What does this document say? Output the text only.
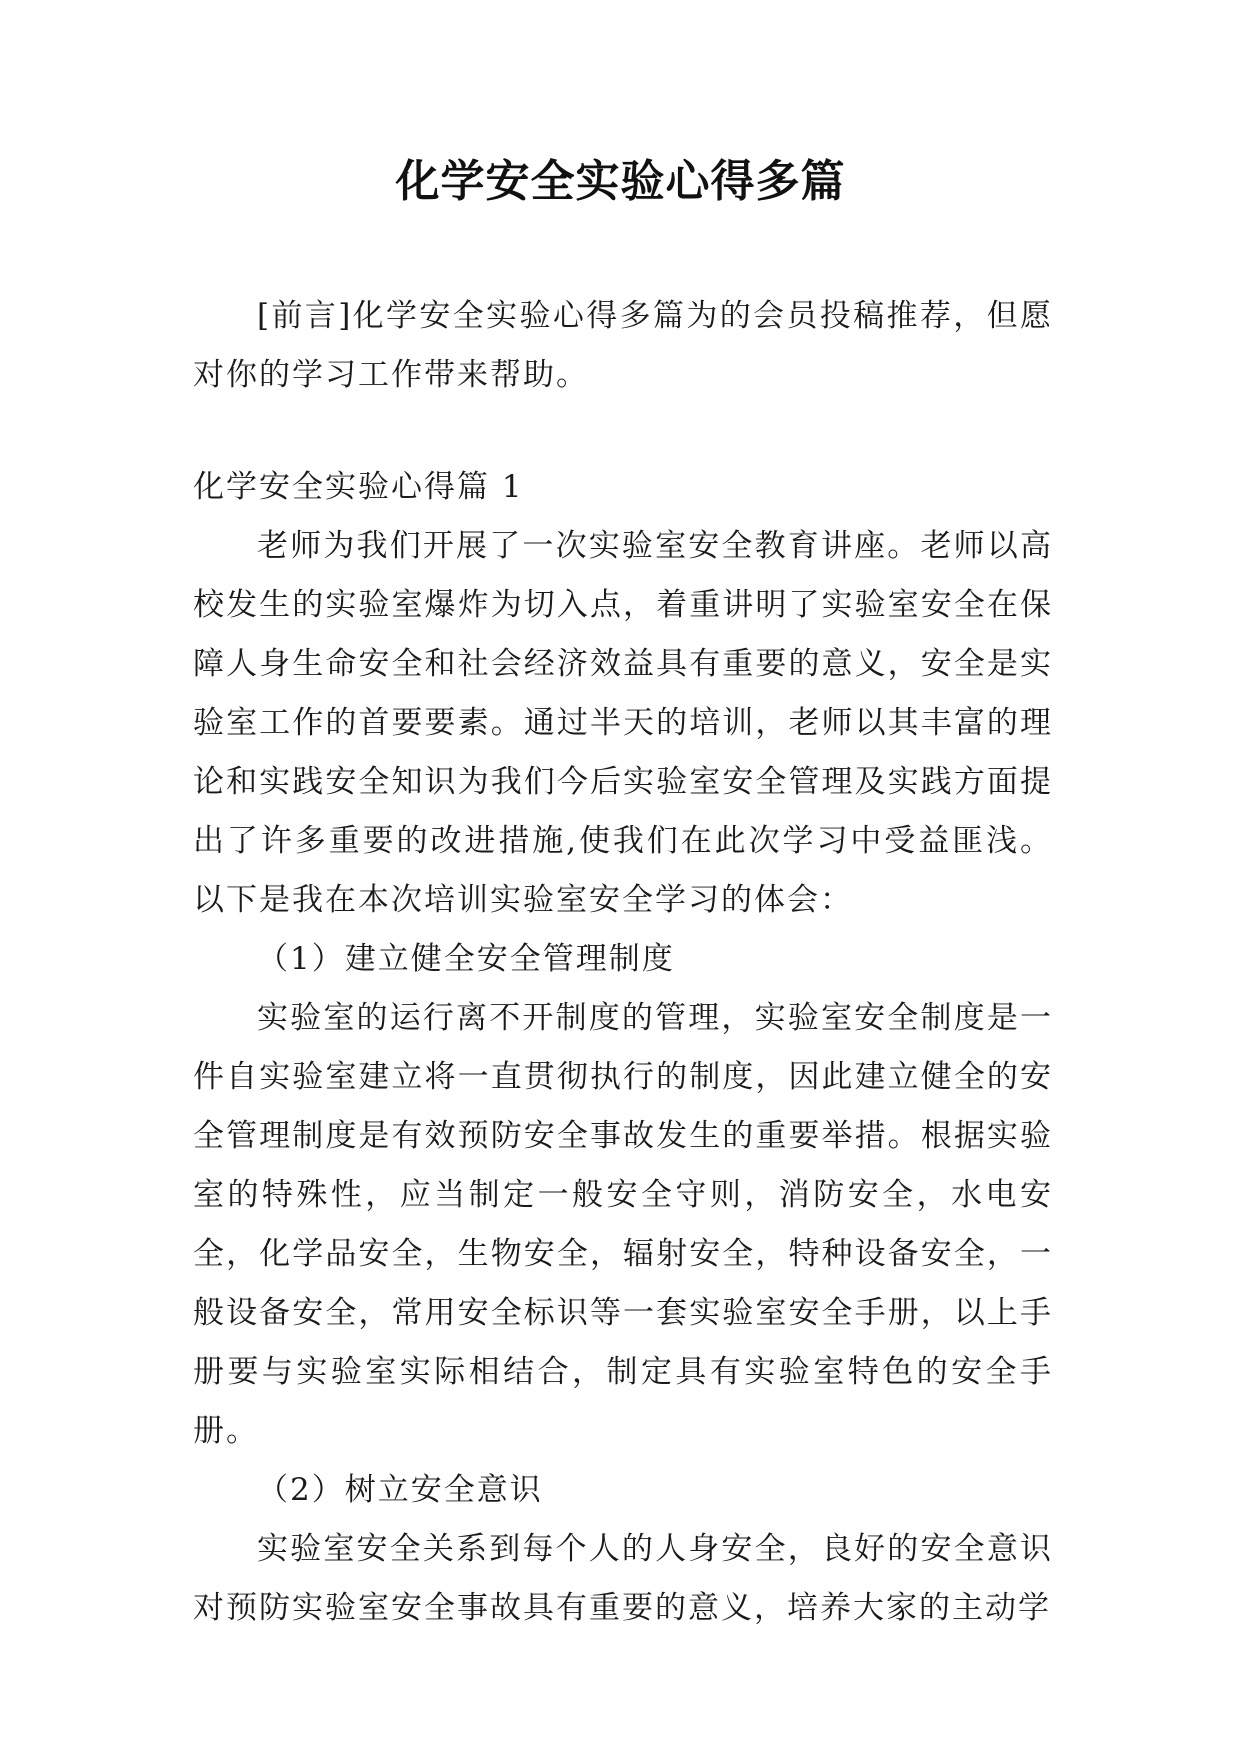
化学安全实验心得多篇

[前言]化学安全实验心得多篇为的会员投稿推荐，但愿对你的学习工作带来帮助。

化学安全实验心得篇 1

老师为我们开展了一次实验室安全教育讲座。老师以高校发生的实验室爆炸为切入点，着重讲明了实验室安全在保障人身生命安全和社会经济效益具有重要的意义，安全是实验室工作的首要要素。通过半天的培训，老师以其丰富的理论和实践安全知识为我们今后实验室安全管理及实践方面提出了许多重要的改进措施,使我们在此次学习中受益匪浅。以下是我在本次培训实验室安全学习的体会：

（1）建立健全安全管理制度

实验室的运行离不开制度的管理，实验室安全制度是一件自实验室建立将一直贯彻执行的制度，因此建立健全的安全管理制度是有效预防安全事故发生的重要举措。根据实验室的特殊性，应当制定一般安全守则，消防安全，水电安全，化学品安全，生物安全，辐射安全，特种设备安全，一般设备安全，常用安全标识等一套实验室安全手册，以上手册要与实验室实际相结合，制定具有实验室特色的安全手册。

（2）树立安全意识

实验室安全关系到每个人的人身安全，良好的安全意识对预防实验室安全事故具有重要的意义，培养大家的主动学
